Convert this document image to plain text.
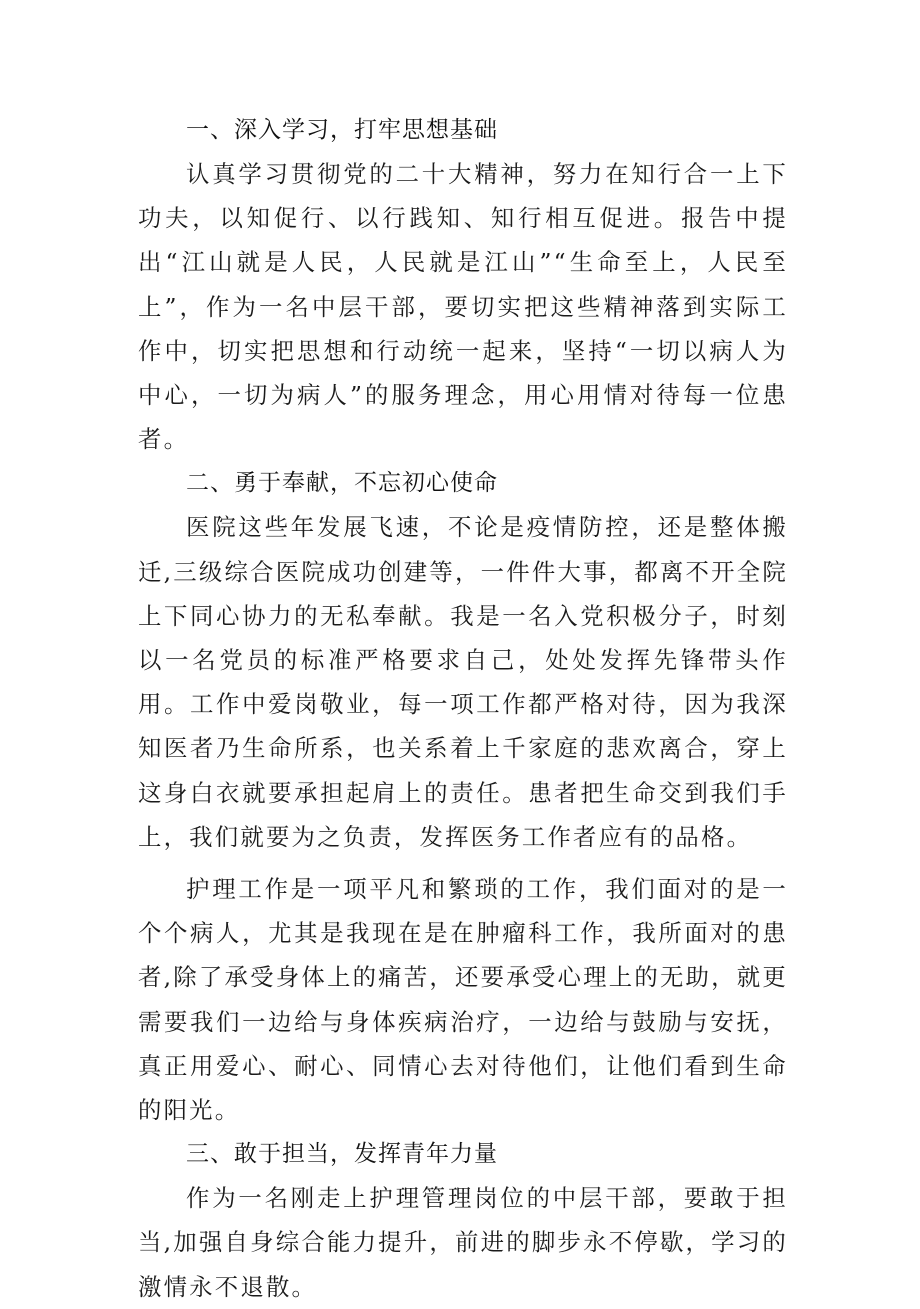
一、深入学习，打牢思想基础

认真学习贯彻党的二十大精神，努力在知行合一上下功夫，以知促行、以行践知、知行相互促进。报告中提出“江山就是人民，人民就是江山”“生命至上，人民至上”，作为一名中层干部，要切实把这些精神落到实际工作中，切实把思想和行动统一起来，坚持“一切以病人为中心，一切为病人”的服务理念，用心用情对待每一位患者。

二、勇于奉献，不忘初心使命

医院这些年发展飞速，不论是疫情防控，还是整体搬迁,三级综合医院成功创建等，一件件大事，都离不开全院上下同心协力的无私奉献。我是一名入党积极分子，时刻以一名党员的标准严格要求自己，处处发挥先锋带头作用。工作中爱岗敬业，每一项工作都严格对待，因为我深知医者乃生命所系，也关系着上千家庭的悲欢离合，穿上这身白衣就要承担起肩上的责任。患者把生命交到我们手上，我们就要为之负责，发挥医务工作者应有的品格。

护理工作是一项平凡和繁琐的工作，我们面对的是一个个病人，尤其是我现在是在肿瘤科工作，我所面对的患者,除了承受身体上的痛苦，还要承受心理上的无助，就更需要我们一边给与身体疾病治疗，一边给与鼓励与安抚，真正用爱心、耐心、同情心去对待他们，让他们看到生命的阳光。

三、敢于担当，发挥青年力量

作为一名刚走上护理管理岗位的中层干部，要敢于担当,加强自身综合能力提升，前进的脚步永不停歇，学习的激情永不退散。
